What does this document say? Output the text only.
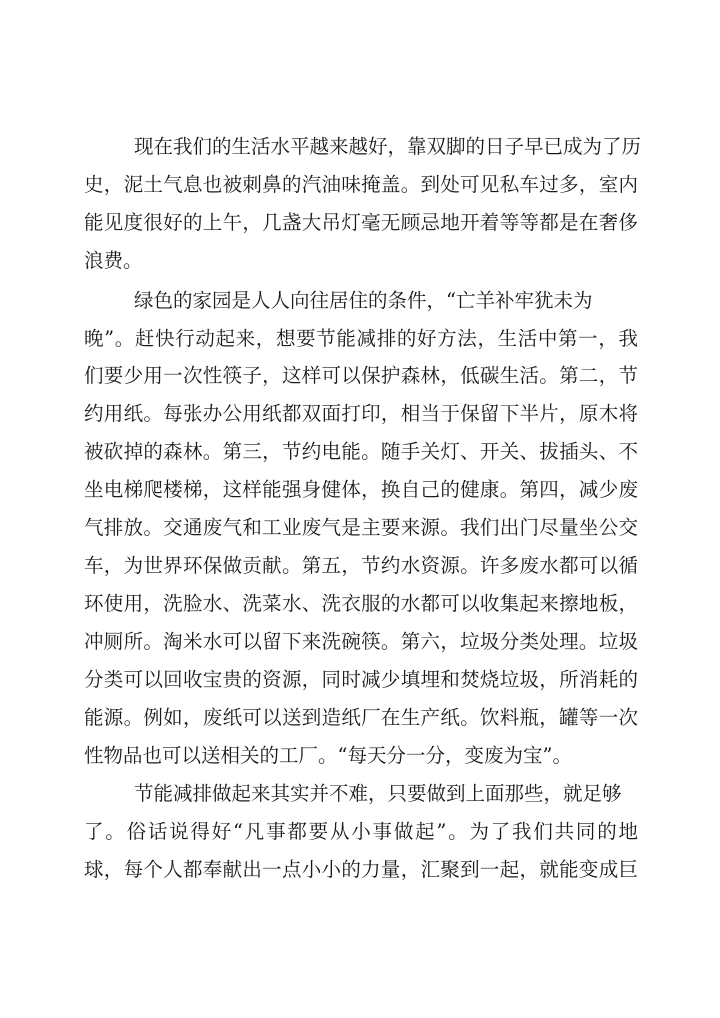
现在我们的生活水平越来越好，靠双脚的日子早已成为了历
史，泥土气息也被刺鼻的汽油味掩盖。到处可见私车过多，室内
能见度很好的上午，几盏大吊灯毫无顾忌地开着等等都是在奢侈
浪费。
绿色的家园是人人向往居住的条件，“亡羊补牢犹未为
晚”。赶快行动起来，想要节能减排的好方法，生活中第一，我
们要少用一次性筷子，这样可以保护森林，低碳生活。第二，节
约用纸。每张办公用纸都双面打印，相当于保留下半片，原木将
被砍掉的森林。第三，节约电能。随手关灯、开关、拔插头、不
坐电梯爬楼梯，这样能强身健体，换自己的健康。第四，减少废
气排放。交通废气和工业废气是主要来源。我们出门尽量坐公交
车，为世界环保做贡献。第五，节约水资源。许多废水都可以循
环使用，洗脸水、洗菜水、洗衣服的水都可以收集起来擦地板，
冲厕所。淘米水可以留下来洗碗筷。第六，垃圾分类处理。垃圾
分类可以回收宝贵的资源，同时减少填埋和焚烧垃圾，所消耗的
能源。例如，废纸可以送到造纸厂在生产纸。饮料瓶，罐等一次
性物品也可以送相关的工厂。“每天分一分，变废为宝”。
节能减排做起来其实并不难，只要做到上面那些，就足够
了。俗话说得好“凡事都要从小事做起”。为了我们共同的地
球，每个人都奉献出一点小小的力量，汇聚到一起，就能变成巨
